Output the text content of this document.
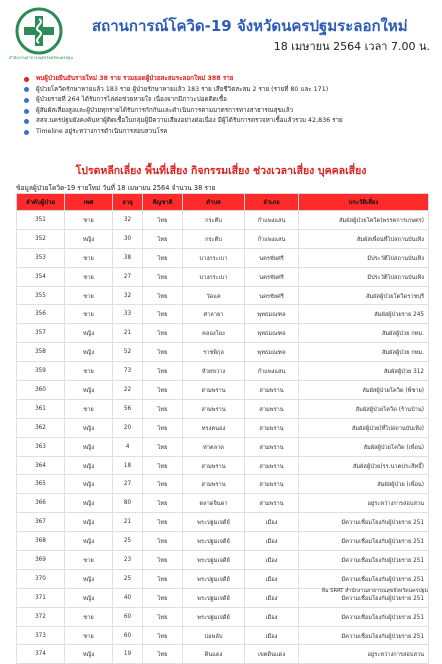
สำนักงานสาธารณสุขจังหวัดนครปฐม
สถานการณ์โควิด-19 จังหวัดนครปฐมระลอกใหม่
18 เมษายน 2564 เวลา 7.00 น.
พบผู้ป่วยยืนยันรายใหม่ 38 ราย รวมยอดผู้ป่วยสะสมระลอกใหม่ 388 ราย
ผู้ป่วยโควิดรักษาหายแล้ว 183 ราย ผู้ป่วยรักษาหายแล้ว 183 ราย เสียชีวิตสะสม 2 ราย (รายที่ 80 และ 171)
ผู้ป่วยรายที่ 264 ได้รับการไล่ต่อช่วยหายใจ เนื่องจากมีภาวะปอดติดเชื้อ
ผู้สัมผัสเสี่ยงสูงและผู้ป่วยทุกรายได้รับการกักกันและดำเนินการตามมาตรการทางสาธารณสุขแล้ว
สสจ.นครปฐมยังคงค้นหาผู้ติดเชื้อในกลุ่มผู้มีความเสี่ยงอย่างต่อเนื่อง มีผู้ได้รับการตรวจหาเชื้อแล้วรวม 42,836 ราย
Timeline อยู่ระหว่างการดำเนินการสอบสวนโรค
โปรดหลีกเลี่ยง พื้นที่เสี่ยง กิจกรรมเสี่ยง ช่วงเวลาเสี่ยง บุคคลเสี่ยง
ข้อมูลผู้ป่วยโควิด-19 รายใหม่ วันที่ 18 เมษายน 2564 จำนวน 38 ราย
ลำดับผู้ป่วย	เพศ	อายุ	สัญชาติ	ตำบล	อำเภอ	ประวัติเสี่ยง
351	ชาย	32	ไทย	กระตีบ	กำแพงแสน	สัมผัสผู้ป่วยโควิด(พรรคการเกษตร)
352	หญิง	30	ไทย	กระตีบ	กำแพงแสน	สัมผัสเพื่อนที่ไปสถานบันเทิง
353	ชาย	38	ไทย	บางกระเบา	นครชัยศรี	มีประวัติไปสถานบันเทิง
354	ชาย	27	ไทย	บางกระเบา	นครชัยศรี	มีประวัติไปสถานบันเทิง
355	ชาย	32	ไทย	วัดแค	นครชัยศรี	สัมผัสผู้ป่วยโควิดราชบุรี
356	ชาย	33	ไทย	ศาลายา	พุทธมณฑล	สัมผัสผู้ป่วยราย 245
357	หญิง	21	ไทย	คลองโยง	พุทธมณฑล	สัมผัสผู้ป่วย กทม.
358	หญิง	52	ไทย	ราชพิกุล	พุทธมณฑล	สัมผัสผู้ป่วย กทม.
359	ชาย	73	ไทย	ห้วยขวาง	กำแพงแสน	สัมผัสผู้ป่วย 312
360	หญิง	22	ไทย	สามพราน	สามพราน	สัมผัสผู้ป่วยโควิด (พี่ชาย)
361	ชาย	56	ไทย	สามพราน	สามพราน	สัมผัสผู้ป่วยโควิด (ร้านบ้าน)
362	หญิง	20	ไทย	ทรงคนอง	สามพราน	สัมผัสผู้ป่วย(ที่ไปสถานบันเทิง)
363	หญิง	4	ไทย	ท่าตลาด	สามพราน	สัมผัสผู้ป่วยโควิด (เพื่อน)
364	หญิง	18	ไทย	สามพราน	สามพราน	สัมผัสผู้ป่วย(รร.นาคประสิทธิ์)
365	หญิง	27	ไทย	สามพราน	สามพราน	สัมผัสผู้ป่วย (เพื่อน)
366	หญิง	80	ไทย	ตลาดจินดา	สามพราน	อยู่ระหว่างการสอบสวน
367	หญิง	21	ไทย	พระปฐมเจดีย์	เมือง	มีความเชื่อมโยงกับผู้ป่วยราย 251
368	หญิง	25	ไทย	พระปฐมเจดีย์	เมือง	มีความเชื่อมโยงกับผู้ป่วยราย 251
369	ชาย	23	ไทย	พระปฐมเจดีย์	เมือง	มีความเชื่อมโยงกับผู้ป่วยราย 251
370	หญิง	25	ไทย	พระปฐมเจดีย์	เมือง	มีความเชื่อมโยงกับผู้ป่วยราย 251
371	หญิง	40	ไทย	พระปฐมเจดีย์	เมือง	มีความเชื่อมโยงกับผู้ป่วยราย 251
372	ชาย	60	ไทย	พระปฐมเจดีย์	เมือง	มีความเชื่อมโยงกับผู้ป่วยราย 251
373	ชาย	60	ไทย	บ่อพลับ	เมือง	มีความเชื่อมโยงกับผู้ป่วยราย 251
374	หญิง	19	ไทย	ดินแดง	เขตดินแดง	อยู่ระหว่างการสอบสวน
ทีม SRRT สำนักงานสาธารณสุขจังหวัดนครปฐม
